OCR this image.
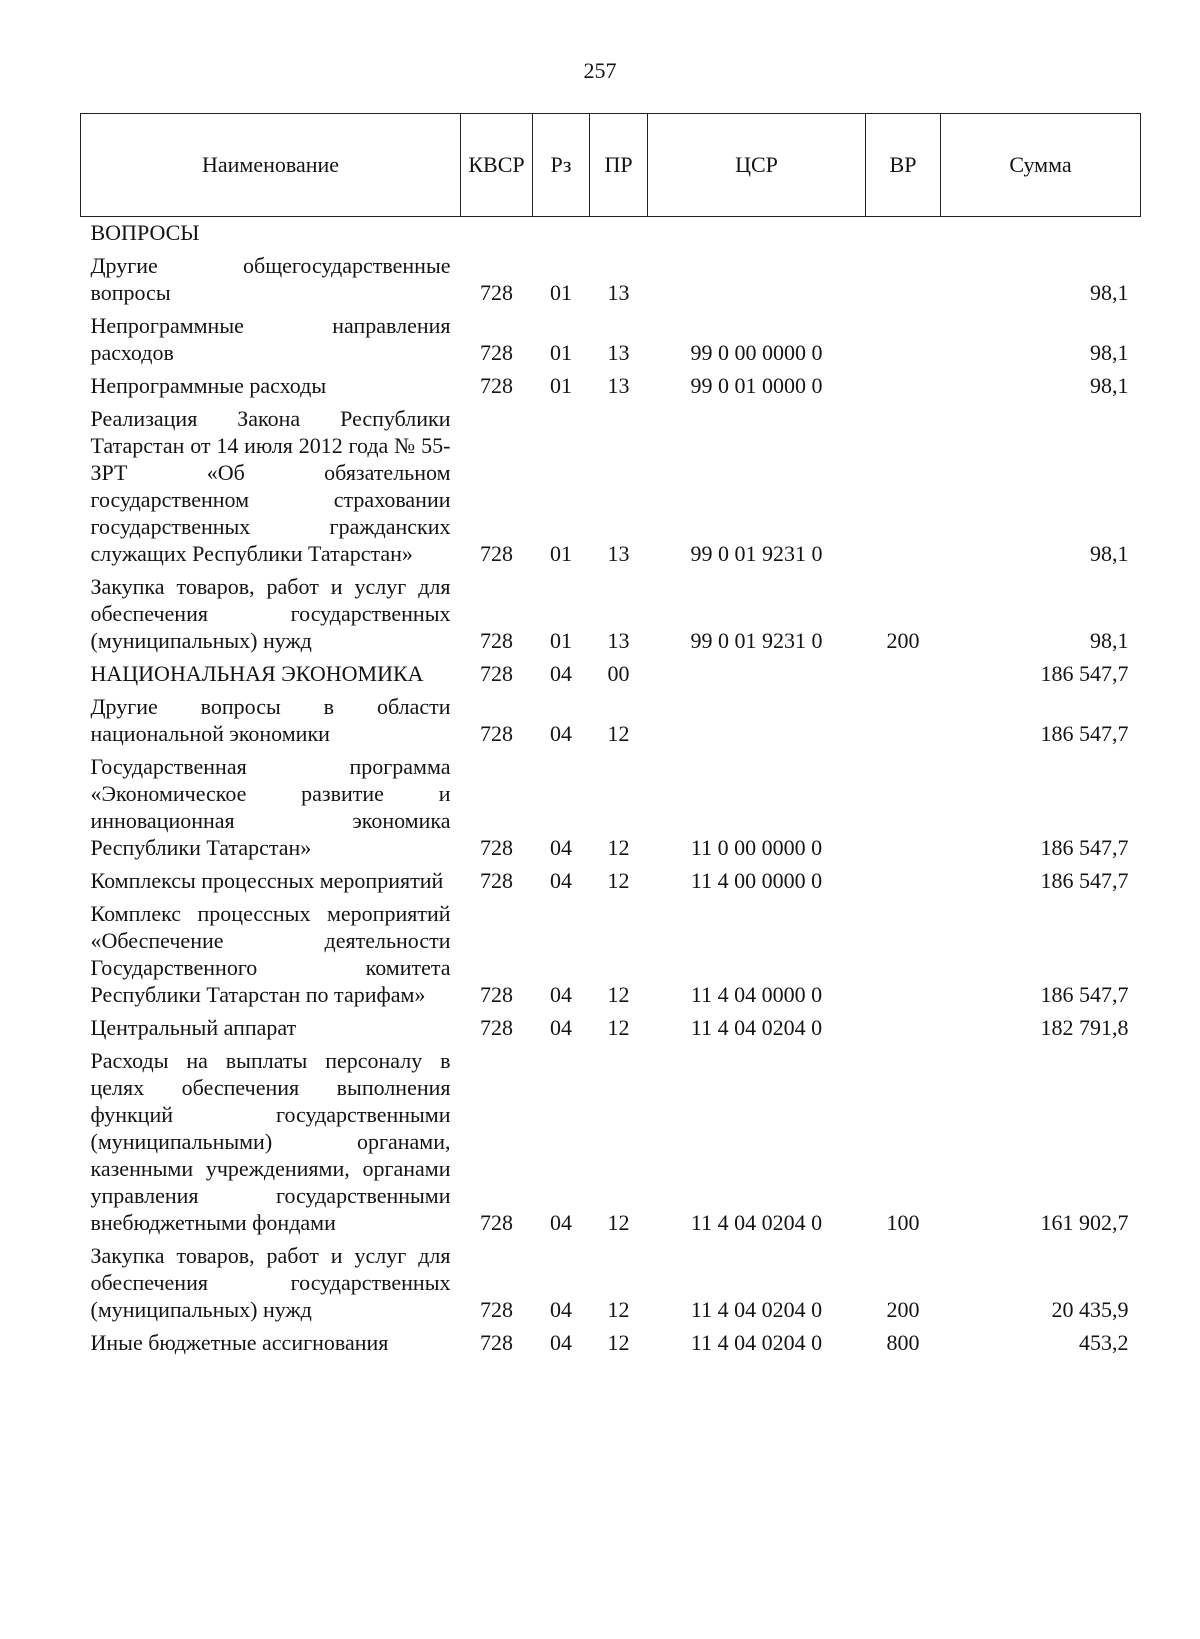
257
Наименование	КВСР	Рз	ПР	ЦСР	ВР	Сумма
ВОПРОСЫ						
Другие общегосударственные вопросы	728	01	13			98,1
Непрограммные направления расходов	728	01	13	99 0 00 0000 0		98,1
Непрограммные расходы	728	01	13	99 0 01 0000 0		98,1
Реализация Закона Республики Татарстан от 14 июля 2012 года № 55-ЗРТ «Об обязательном государственном страховании государственных гражданских служащих Республики Татарстан»	728	01	13	99 0 01 9231 0		98,1
Закупка товаров, работ и услуг для обеспечения государственных (муниципальных) нужд	728	01	13	99 0 01 9231 0	200	98,1
НАЦИОНАЛЬНАЯ ЭКОНОМИКА	728	04	00			186 547,7
Другие вопросы в области национальной экономики	728	04	12			186 547,7
Государственная программа «Экономическое развитие и инновационная экономика Республики Татарстан»	728	04	12	11 0 00 0000 0		186 547,7
Комплексы процессных мероприятий	728	04	12	11 4 00 0000 0		186 547,7
Комплекс процессных мероприятий «Обеспечение деятельности Государственного комитета Республики Татарстан по тарифам»	728	04	12	11 4 04 0000 0		186 547,7
Центральный аппарат	728	04	12	11 4 04 0204 0		182 791,8
Расходы на выплаты персоналу в целях обеспечения выполнения функций государственными (муниципальными) органами, казенными учреждениями, органами управления государственными внебюджетными фондами	728	04	12	11 4 04 0204 0	100	161 902,7
Закупка товаров, работ и услуг для обеспечения государственных (муниципальных) нужд	728	04	12	11 4 04 0204 0	200	20 435,9
Иные бюджетные ассигнования	728	04	12	11 4 04 0204 0	800	453,2
